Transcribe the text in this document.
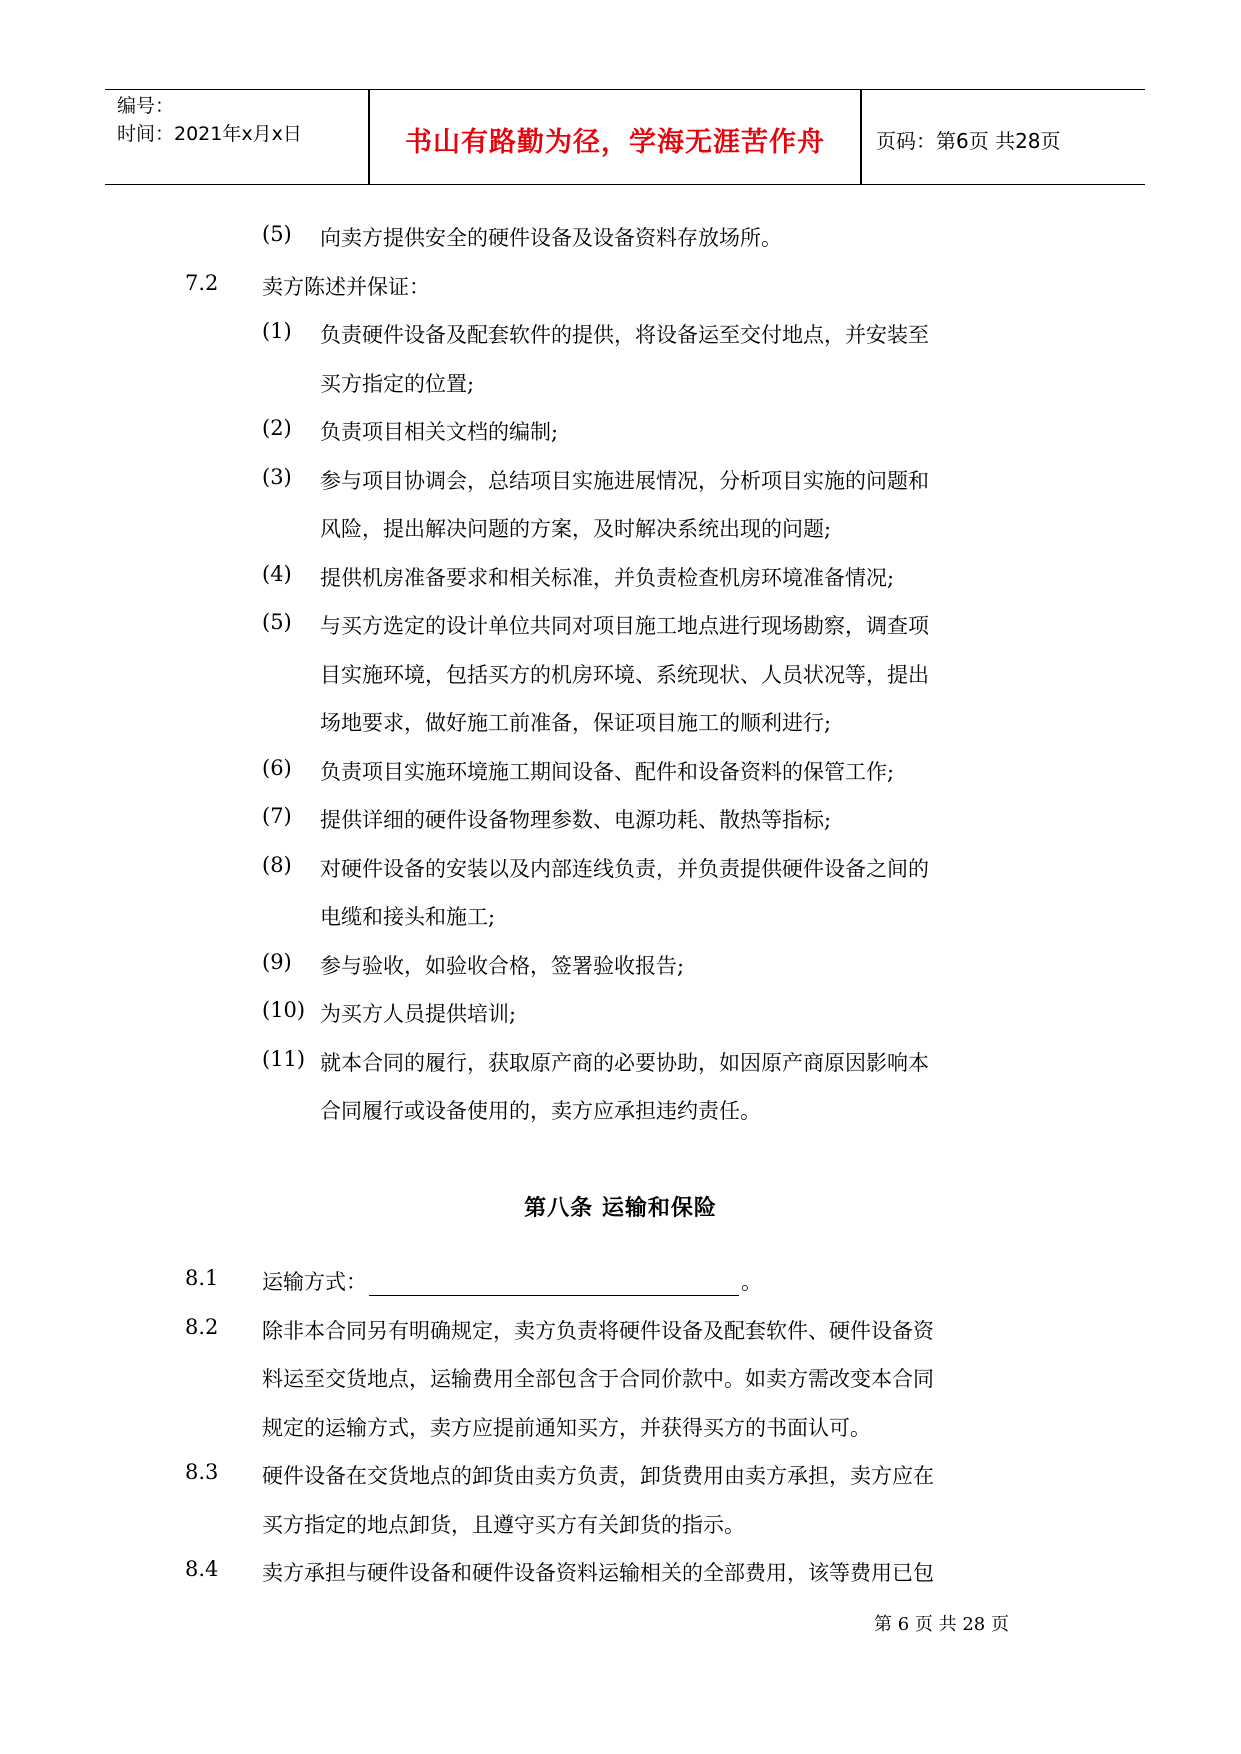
编号：
时间：2021年x月x日	书山有路勤为径，学海无涯苦作舟	页码：第6页 共28页
(5) 向卖方提供安全的硬件设备及设备资料存放场所。
7.2 卖方陈述并保证：
(1) 负责硬件设备及配套软件的提供，将设备运至交付地点，并安装至
买方指定的位置;
(2) 负责项目相关文档的编制;
(3) 参与项目协调会，总结项目实施进展情况，分析项目实施的问题和
风险，提出解决问题的方案，及时解决系统出现的问题;
(4) 提供机房准备要求和相关标准，并负责检查机房环境准备情况;
(5) 与买方选定的设计单位共同对项目施工地点进行现场勘察，调查项
目实施环境，包括买方的机房环境、系统现状、人员状况等，提出
场地要求，做好施工前准备，保证项目施工的顺利进行;
(6) 负责项目实施环境施工期间设备、配件和设备资料的保管工作;
(7) 提供详细的硬件设备物理参数、电源功耗、散热等指标;
(8) 对硬件设备的安装以及内部连线负责，并负责提供硬件设备之间的
电缆和接头和施工;
(9) 参与验收，如验收合格，签署验收报告;
(10) 为买方人员提供培训;
(11) 就本合同的履行，获取原产商的必要协助，如因原产商原因影响本
合同履行或设备使用的，卖方应承担违约责任。
8.1 运输方式：	。
8.2 除非本合同另有明确规定，卖方负责将硬件设备及配套软件、硬件设备资
料运至交货地点，运输费用全部包含于合同价款中。如卖方需改变本合同
规定的运输方式，卖方应提前通知买方，并获得买方的书面认可。
8.3 硬件设备在交货地点的卸货由卖方负责，卸货费用由卖方承担，卖方应在
买方指定的地点卸货，且遵守买方有关卸货的指示。
8.4 卖方承担与硬件设备和硬件设备资料运输相关的全部费用，该等费用已包
第八条 运输和保险
第 6 页 共 28 页
